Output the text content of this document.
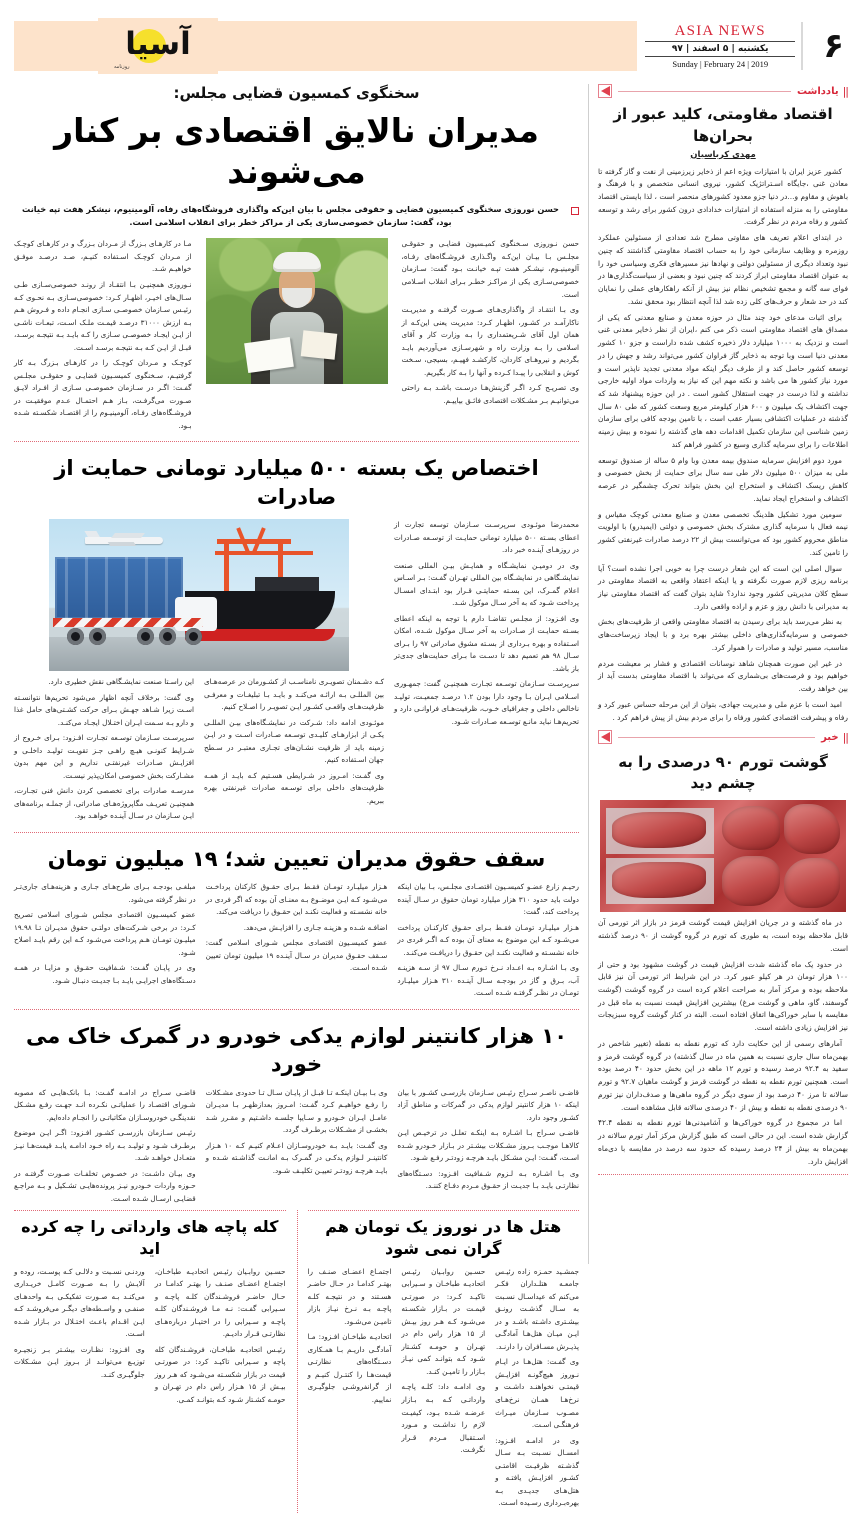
۶
ASIA NEWS
یکشنبه | ۵ اسفند | ۹۷
Sunday | February 24 | 2019
آسیا
روزنامه
||
یادداشت
اقتصاد مقاومتی، کلید عبور از بحران‌ها
مهدی کرباسیان

کشور عزیز ایران با امتیازات ویژه اعم از ذخایر زیرزمینی از نفت و گاز گرفته تا معادن غنی ،جایگاه اسـتراتژیک کشور، نیروی انسانی متخصص و با فرهنگ و باهوش و مقاوم و...در دنیا جزو معدود کشورهای منحصر است ، لذا بایستی اقتصاد مقاومتی را به منزله استفاده از امتیازات خدادادی درون کشور برای رشد و توسعه کشور و رفاه مردم در نظر گرفت.

در ابتدای اعلام تعریف های مقاوتی مطرح شد تعدادی از مسئولین عملکرد روزمره و وظایف سازمانی خود را به حساب اقتصاد مقاومتی گذاشتند که چنین نبود وتعداد دیگری از مسئولین دولتی و نهادها نیز مسیرهای فکری وسیاسی خود را به عنوان اقتصاد مقاومتی ابراز کردند که چنین نبود و بعضی از سیاست‌گذاری‌ها در فوای سه گانه و مجمع تشخیص نظام نیز بیش از آنکه راهکارهای عملی را نمایان کند در حد شعار و حرف‌های کلی زده شد لذا آنچه انتظار بود محقق نشد.

برای اثبات مدعای خود چند مثال در حوزه معدن و صنایع معدنی که یکی از مصداق های اقتصاد مقاومتی است ذکر می کنم ،ایران از نظر ذخایر معدنی غنی است و نزدیک به ۱۰۰۰ میلیارد دلار ذخیره کشف شده داراست و جزو ۱۰ کشور معدنی دنیا است وبا توجه به ذخایر گاز فراوان کشور می‌تواند رشد و جهش را در توسعه کشور حاصل کند و از طرف دیگر اینکه مواد معدنی تجدید ناپذیر است و مورد نیاز کشور ها می باشد و نکته مهم این که نیاز به واردات مواد اولیه خارجی نداشته و لذا درست در جهت استقلال کشور است . در این حوزه پیشنهاد شد که جهت اکتشاف یک میلیون و ۶۰۰ هزار کیلومتر مربع وسعت کشور که طی ۸۰ سال گذشته در عملیات اکتشافی بسیار عقب است ، با تامین بودجه کافی برای سازمان زمین شناسی این سازمان تکمیل اقدامات دهه های گذشته را نموده و بیش زمینه اطلاعات را برای سرمایه گذاری وسیع در کشور فراهم کند

مورد دوم افزایش سرمایه صندوق بیمه معدن وبا وام ۵ ساله از صندوق توسعه ملی به میزان ۵۰۰ میلیون دلار طی سه سال برای حمایت از بخش خصوصی و کاهش ریسک اکتشاف و استخراج این بخش بتواند تحرک چشمگیر در عرصه اکتشاف و استخراج ایجاد نماید.

سومین مورد تشکیل هلدینگ تخصصی معدن و صنایع معدنی کوچک مقیاس و نیمه فعال با سرمایه گذاری مشترک بخش خصوصی و دولتی (ایمیدرو) با اولویت مناطق محروم کشور بود که می‌توانست بیش از ۲۲ درصد صادرات غیرنفتی کشور را تامین کند.

سوال اصلی این است که این شعار درست چرا به خوبی اجرا نشده است؟ آیا برنامه ریزی لازم صورت نگرفته و یا اینکه اعتقاد واقعی به اقتصاد مقاومتی در سطح کلان مدیریتی کشور وجود ندارد؟ شاید بتوان گفت که اقتصاد مقاومتی نیاز به مدیرانی با دانش روز و عزم و اراده واقعی دارد.

به نظر می‌رسد باید برای رسیدن به اقتصاد مقاومتی واقعی از ظرفیت‌های بخش خصوصی و سرمایه‌گذاری‌های داخلی بیشتر بهره برد و با ایجاد زیرساخت‌های مناسب، مسیر تولید و صادرات را هموار کرد.

در غیر این صورت همچنان شاهد نوسانات اقتصادی و فشار بر معیشت مردم خواهیم بود و فرصت‌های بی‌شماری که می‌تواند با اقتصاد مقاومتی بدست آید از بین خواهد رفت.

امید است با عزم ملی و مدیریت جهادی، بتوان از این مرحله حساس عبور کرد و رفاه و پیشرفت اقتصادی کشور ورفاه را برای مردم بیش از پیش فراهم کرد .

||
خبر
گوشت تورم ۹۰ درصدی را به چشم دید

در ماه گذشته و در جریان افزایش قیمت گوشت قرمز در بازار اثر تورمی آن قابل ملاحظه بوده است، به طوری که تورم در گروه گوشت از ۹۰ درصد گذشته است.

در حدود یک ماه گذشته شدت افزایش قیمت در گوشت مشهود بود و حتی از ۱۰۰ هزار تومان در هر کیلو عبور کرد. در این شرایط اثر تورمی آن نیز قابل ملاحظه بوده و مرکز آمار به صراحت اعلام کرده است در گروه گوشت (گوشت گوسفند، گاو، ماهی و گوشت مرغ) بیشترین افزایش قیمت نسبت به ماه قبل در مقایسه با سایر خوراکی‌ها اتفاق افتاده است. البته در کنار گوشت گروه سبزیجات نیز افزایش زیادی داشته است.

آمارهای رسمی از این حکایت دارد که تورم نقطه به نقطه (تغییر شاخص در بهمن‌ماه سال جاری نسبت به همین ماه در سال گذشته) در گروه گوشت قرمز و سفید به ۹۲.۴ درصد رسیده و تورم ۱۲ ماهه در این بخش حدود ۴۰ درصد بوده است. همچنین تورم نقطه به نقطه در گوشت قرمز و گوشت ماهیان ۹۲.۷ و تورم سالانه تا مرز ۴۰ درصد بود از سوی دیگر در گروه ماهی‌ها و صدف‌داران نیز تورم ۹۰ درصدی نقطه به نقطه و بیش از ۴۰ درصدی سالانه قابل مشاهده است.

اما در مجموع در گروه خوراکی‌ها و آشامیدنی‌ها تورم نقطه به نقطه ۴۲.۴ گزارش شده است. این در حالی است که طبق گزارش مرکز آمار تورم سالانه در بهمن‌ماه به بیش از ۲۴ درصد رسیده که حدود سه درصد در مقایسه با دی‌ماه افزایش دارد.

سخنگوی کمسیون قضایی مجلس:
مدیران نالایق اقتصادی بر کنار می‌شوند
حسن نوروزی سخنگوی کمیسیون قضایی و حقوقی مجلس با بیان این‌که واگذاری فروشگاه‌های رفاه، آلومینیوم، نیشکر هفت تپه خیانت بود، گفت: سازمان خصوصی‌سازی یکی از مراکز خطر برای انقلاب اسلامی است.

حسن نـوروزی سـخنگوی کمیـسیون قضایـی و حقوقـی مجلـس بـا بیـان این‌کـه واگـذاری فروشـگاه‌های رفـاه، آلومینیـوم، نیشـکر هفت تپـه خیانـت بـود گفت: سـازمان خصوصی‌سـازی یکی از مراکـز خطـر بـرای انقلاب اسـلامی است.

وی بـا انتقـاد از واگذاری‌هـای صـورت گرفتـه و مدیریـت ناکارآمـد در کشـور، اظهـار کـرد: مدیریت یعنی این‌کـه از همان اول آقای شـریعتمداری را بـه وزارت کار و آقای اسلامی را بـه وزارت راه و شهرسـازی می‌آوردیم بایـد بگردیم و نیروهـای کاردان، کارکشـد فهیـم، بسیجی، سـخت کوش و انقلابی را پیـدا کـرده و آنها را بـه کار بگیریم.

وی تصریـح کـرد اگـر گزینش‌هـا درسـت باشـد بـه راحتی می‌توانیـم بـر مشـکلات اقتصادی فائـق بیاییـم.

مـا در کارهـای بـزرگ از مـردان بـزرگ و در کارهـای کوچـک از مـردان کوچـک اسـتفاده کنیـم، صـد درصـد موفـق خواهیـم شـد.

نـوروزی همچنیـن بـا انتقـاد از رونـد خصوصی‌سـازی طـی سـال‌های اخیـر، اظهـار کـرد: خصوصی‌سـازی بـه نحـوی کـه رئیـس سـازمان خصوصـی سـازی انجـام داده و فـروش هـم بـه ارزش ۳۱۰۰۰ درصـد قیمـت ملـک اسـت، تبعـات ناشـی از ایـن ایجـاد خصوصـی سـازی را کـه بایـد بـه نتیجـه برسـد، قبـل از ایـن کـه بـه نتیجـه برسـد اسـت.

کوچـک و مـردان کوچـک را در کارهـای بـزرگ بـه کار گرفتیـم، سـخنگوی کمیسـیون قضایـی و حقوقـی مجلـس گفـت: اگـر در سـازمان خصوصـی سـازی از افـراد لایـق صـورت می‌گرفـت، بـاز هـم احتمـال عـدم موفقیـت در فروشـگاه‌های رفـاه، آلومینیـوم را از اقتصـاد شکسـته شـده بـود.

اختصاص یک بسته ۵۰۰ میلیارد تومانی حمایت از صادرات

محمدرضا موئـودی سرپرسـت سـازمان توسعه تجارت از اعطای بسـته ۵۰۰ میلیارد تومانی حمایـت از توسـعه صـادرات در روزهـای آینـده خبر داد.

وی در دومیـن نمایشـگاه و همایـش بیـن المللی صنعت نمایشـگاهی در نمایشـگاه بین المللی تهـران گفـت: بـر اسـاس اعلام گمـرک، این بسـته حمایتـی قـرار بود ابتـدای امسـال پرداخت شـود که به آخر سـال موکول شـد.

وی افـزود: از مجلـس تقاضـا دارم با توجه به اینکه اعطای بسـته حمایـت از صـادرات به آخر سـال موکول شـده، امکان اسـتفاده و بهره بـرداری از بسـته مشوق صادراتی ۹۷ را بـرای سـال ۹۸ هم تعمیم دهد تا دسـت ما بـرای حمایت‌های جدی‌تر باز باشد.

سرپرسـت سـازمان توسـعه تجـارت همچنیـن گفت: جمهـوری اسـلامی ایـران بـا وجود دارا بودن ۱.۲ درصـد جمعیـت، تولیـد ناخالص داخلی و جغرافیای خـوب، ظرفیت‌هـای فراوانـی دارد و تحریم‌هـا نباید مانـع توسـعه صـادرات شـود.

کـه دشـمنان تصویـری نامناسـب از کشـورمان در عرصه‌هـای بین المللـی بـه ارائـه می‌کنـد و بایـد بـا تبلیغـات و معرفـی ظرفیت‌هـای واقعـی کشـور ایـن تصویـر را اصـلاح کنیم.

موئـودی ادامه داد: شـرکت در نمایشـگاه‌های بیـن المللـی یکـی از ابزارهـای کلیـدی توسـعه صـادرات اسـت و در ایـن زمینه باید از ظرفیت نشـان‌های تجـاری معتبـر در سـطح جهان اسـتفاده کنیم.

وی گفـت: امـروز در شـرایطی هسـتیم کـه بایـد از همـه ظرفیت‌های داخلی برای توسـعه صادرات غیرنفتی بهره ببریم.

این راسـتا صنعت نمایشـگاهی نقش خطیری دارد.

وی گفت: برخلاف آنچه اظهار می‌شود تحریم‌ها نتوانسـته اسـت زیرا شـاهد جهـش بـرای حرکت کشـتی‌های حامل غذا و دارو بـه سـمت ایـران اختـلال ایجـاد می‌کنـد.

سرپرسـت سـازمان توسـعه تجـارت افـزود: بـرای خـروج از شـرایط کنونـی هیـچ راهـی جـز تقویـت تولیـد داخلـی و افزایـش صـادرات غیرنفتـی نداریم و این مهم بدون مشـارکت بخش خصوصی امکان‌پذیر نیسـت.

مدرسـه صادرات برای تخصصی کردن دانش فنی تجـارت، همچنیـن تعریـف مگاپروژه‌هـای صادراتی، از جملـه برنامه‌های ایـن سـازمان در سـال آینـده خواهـد بود.

سقف حقوق مدیران تعیین شد؛ ۱۹ میلیون تومان

رحیـم زارع عضـو کمیسـیون اقتصـادی مجلـس، بـا بیان اینکه دولت باید حدود ۳۱۰ هزار میلیارد تومان حقوق در سـال آینده پرداخت کند، گفت:

هـزار میلیـارد تومـان فقـط بـرای حقـوق کارکنـان پرداخت می‌شـود کـه این موضوع به معنای آن بوده کـه اگـر فردی در خانه نشسـته و فعالیت نکنـد این حقـوق را دریافـت می‌کنـد.

وی بـا اشـاره بـه اعـداد نـرخ تـورم سـال ۹۷ از سـه هزینـه آب، بـرق و گاز در بودجـه سـال آینـده ۳۱۰ هـزار میلیـارد تومـان در نظـر گرفتـه شـده اسـت.

هـزار میلیـارد تومـان فقـط بـرای حقـوق کارکنان پرداخـت می‌شـود کـه ایـن موضـوع بـه معنـای آن بوده که اگر فردی در خانه نشسـته و فعالیت نکنـد این حقـوق را دریافت می‌کند.

اضافـه شـده و هزینـه جـاری را افزایـش می‌دهد.

عضو کمیسـیون اقتصادی مجلس شـورای اسلامی گفت: سـقف حقـوق مدیران در سـال آینـده ۱۹ میلیون تومان تعیین شـده اسـت.

مبلغـی بودجـه بـرای طرح‌هـای جـاری و هزینه‌هـای جاری‌تـر در نظر گرفته می‌شود.

عضو کمیسـیون اقتصادی مجلس شـورای اسلامی تصریح کـرد: در برخی شـرکت‌های دولتـی حقوق مدیـران تـا ۱۹.۹۸ میلیـون تومـان هـم پرداخت می‌شـود کـه این رقم بایـد اصلاح شـود.

وی در پایـان گفـت: شـفافیت حقـوق و مزایـا در همـه دسـتگاه‌های اجرایـی بایـد بـا جدیـت دنبـال شـود.

۱۰ هزار کانتینر لوازم یدکی خودرو در گمرک خاک می خورد

قاضـی ناصـر سـراج رئیـس سـازمان بازرسـی کشـور با بیان اینکه ۱۰ هزار کانتینر لوازم یدکی در گمرکات و مناطق آزاد کشـور وجود دارد.

قاضـی سـراج بـا اشـاره بـه اینکـه تعلـل در ترخیـص ایـن کالاهـا موجـب بـروز مشـکلات بیشـتر در بـازار خـودرو شـده اسـت، گفـت: ایـن مشـکل بایـد هرچـه زودتـر رفـع شـود.

وی بـا اشـاره بـه لـزوم شـفافیت افـزود: دسـتگاه‌های نظارتـی بایـد بـا جدیـت از حقـوق مـردم دفـاع کننـد.

وی بـا بیـان اینکـه تـا قبـل از پایـان سـال تـا حدودی مشـکلات را رفـع خواهیـم کـرد گفـت: امـروز بعدازظهـر بـا مدیـران عامـل ایـران خـودرو و سـایپا جلسـه داشـتیم و مقـرر شـد بخشـی از مشـکلات برطـرف گردد.

وی گفـت: بایـد بـه خودروسـازان اعـلام کنیـم کـه ۱۰ هـزار کانتینـر لـوازم یدکـی در گمـرک بـه امانـت گذاشـته شـده و بایـد هرچـه زودتـر تعییـن تکلیـف شـود.

قاضـی سـراج در ادامـه گفـت: بـا بانک‌هایـی که مصوبه شـورای اقتصـاد را عملیاتـی نکـرده انـد جهـت رفـع مشـکل نقدینگـی خودروسـازان مکاتباتـی را انجـام داده‌ایم.

رئیـس سـازمان بازرسـی کشـور افـزود: اگـر ایـن موضوع برطـرف شـود و تولیـد بـه راه خـود ادامـه یابـد قیمت‌هـا نیـز متعـادل خواهـد شـد.

وی بیـان داشـت: در خصـوص تخلفـات صـورت گرفتـه در حـوزه واردات خـودرو نیـز پرونده‌هایـی تشـکیل و بـه مراجـع قضایـی ارسـال شـده اسـت.

هتل ها در نوروز یک تومان هم گران نمی شود

جمشـید حمـزه زاده رئیـس جامعـه هتلـداران فکـر می‌کنم که عیداسـال نسـبت به سـال گذشـت رونـق بیشـتری داشـته باشـد و در ایـن میـان هتل‌هـا آمادگـی پذیـرش مسـافران را دارنـد.

وی گفـت: هتل‌هـا در ایـام نـوروز هیچ‌گونـه افزایـش قیمتـی نخواهنـد داشـت و نرخ‌هـا همـان نرخ‌هـای مصـوب سـازمان میـراث فرهنگـی اسـت.

وی در ادامـه افـزود: امسـال نسـبت بـه سـال گذشـته ظرفیـت اقامتـی کشـور افزایـش یافتـه و هتل‌هـای جدیـدی بـه بهره‌بـرداری رسـیده اسـت.

حسـین روابـیان رئیـس اتحادیـه طباخـان و سـیرابی تاکیـد کـرد: در صورتـی قیمـت در بـازار شکسـته می‌شـود کـه هـر روز بیـش از ۱۵ هزار راس دام در تهـران و حومـه کشـتار شـود کـه بتوانـد کمی نیـاز بـازار را تامیـن کنـد.

وی ادامـه داد: کلـه پاچـه وارداتـی کـه بـه بـازار عرضـه شـده بـود، کیفیـت لازم را نداشـت و مـورد اسـتقبال مـردم قـرار نگرفـت.

اجتمـاع اعضـای صنـف را بهتـر کدامـا در حـال حاضـر هسـتند و در نتیجـه کلـه پاچـه بـه نـرخ نیـاز بازار تامیـن می‌شـود.

اتحادیـه طباخـان افـزود: مـا آمادگـی داریـم بـا همـکاری دسـتگاه‌های نظارتـی قیمت‌هـا را کنتـرل کنیـم و از گرانفروشـی جلوگیـری نماییم.

کله پاچه های وارداتی را چه کرده اید

حسـین روابـیان رئیـس اتحادیـه طباخـان، اجتمـاع اعضـای صنـف را بهتـر کدامـا در حـال حاضـر فروشـندگان کلـه پاچـه و سـیرابی گفـت: نـه مـا فروشـندگان کلـه پاچـه و سـیرابی را در اختیـار درباره‌هـای نظارتـی قـرار دادیـم.

رئیـس اتحادیـه طباخـان، فروشـندگان کله پاچه و سـیرابی تاکیـد کرد: در صورتـی قیمت در بازار شکسـته می‌شـود که هـر روز بیـش از ۱۵ هـزار راس دام در تهـران و حومـه کشـتار شـود کـه بتوانـد کمـی.

وردنـی نسـبت و دلالـی کـه پوسـت، روده و آلایـش را بـه صـورت کامـل خریـداری می‌کنـد بـه صـورت تفکیکـی بـه واحدهـای صنفـی و واسـطه‌های دیگـر می‌فروشـد کـه ایـن اقـدام باعـث اختـلال در بـازار شـده اسـت.

وی افـزود: نظـارت بیشـتر بـر زنجیـره توزیـع می‌توانـد از بـروز ایـن مشـکلات جلوگیـری کنـد.
